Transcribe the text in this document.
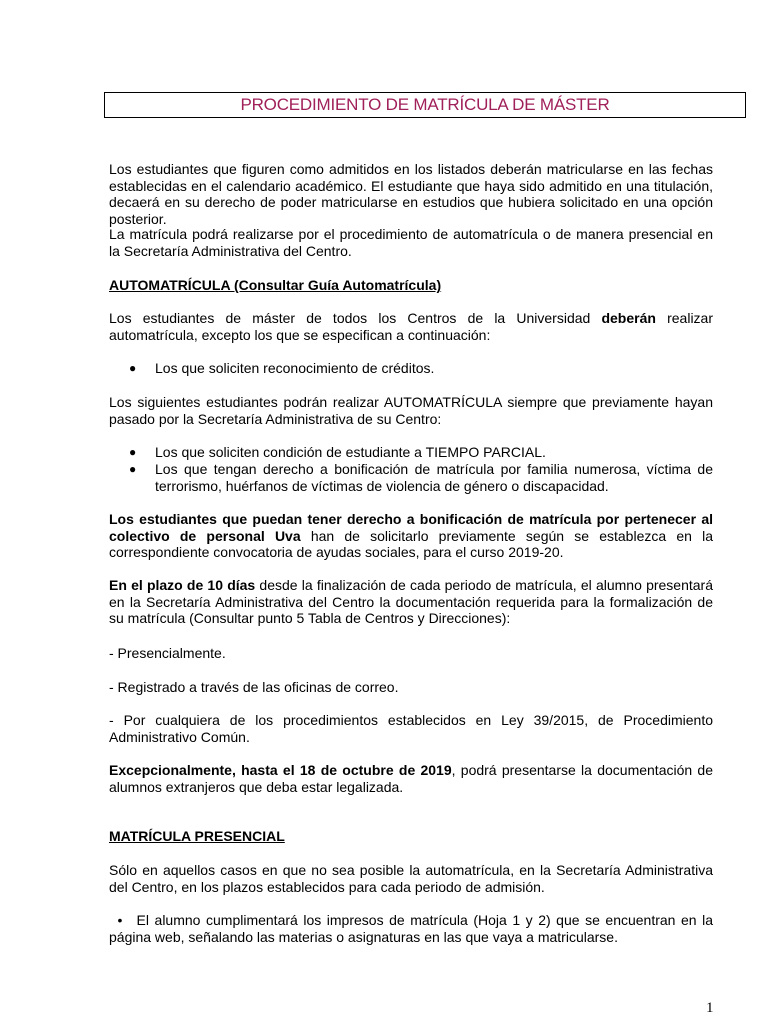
PROCEDIMIENTO DE MATRÍCULA DE MÁSTER
Los estudiantes que figuren como admitidos en los listados deberán matricularse en las fechas establecidas en el calendario académico. El estudiante que haya sido admitido en una titulación, decaerá en su derecho de poder matricularse en estudios que hubiera solicitado en una opción posterior.
La matrícula podrá realizarse por el procedimiento de automatrícula o de manera presencial en la Secretaría Administrativa del Centro.
AUTOMATRÍCULA (Consultar Guía Automatrícula)
Los estudiantes de máster de todos los Centros de la Universidad deberán realizar automatrícula, excepto los que se especifican a continuación:
● Los que soliciten reconocimiento de créditos.
Los siguientes estudiantes podrán realizar AUTOMATRÍCULA siempre que previamente hayan pasado por la Secretaría Administrativa de su Centro:
● Los que soliciten condición de estudiante a TIEMPO PARCIAL.
● Los que tengan derecho a bonificación de matrícula por familia numerosa, víctima de terrorismo, huérfanos de víctimas de violencia de género o discapacidad.
Los estudiantes que puedan tener derecho a bonificación de matrícula por pertenecer al colectivo de personal Uva han de solicitarlo previamente según se establezca en la correspondiente convocatoria de ayudas sociales, para el curso 2019-20.
En el plazo de 10 días desde la finalización de cada periodo de matrícula, el alumno presentará en la Secretaría Administrativa del Centro la documentación requerida para la formalización de su matrícula (Consultar punto 5 Tabla de Centros y Direcciones):
- Presencialmente.
- Registrado a través de las oficinas de correo.
- Por cualquiera de los procedimientos establecidos en Ley 39/2015, de Procedimiento Administrativo Común.
Excepcionalmente, hasta el 18 de octubre de 2019, podrá presentarse la documentación de alumnos extranjeros que deba estar legalizada.
MATRÍCULA PRESENCIAL
Sólo en aquellos casos en que no sea posible la automatrícula, en la Secretaría Administrativa del Centro, en los plazos establecidos para cada periodo de admisión.
• El alumno cumplimentará los impresos de matrícula (Hoja 1 y 2) que se encuentran en la página web, señalando las materias o asignaturas en las que vaya a matricularse.
1
